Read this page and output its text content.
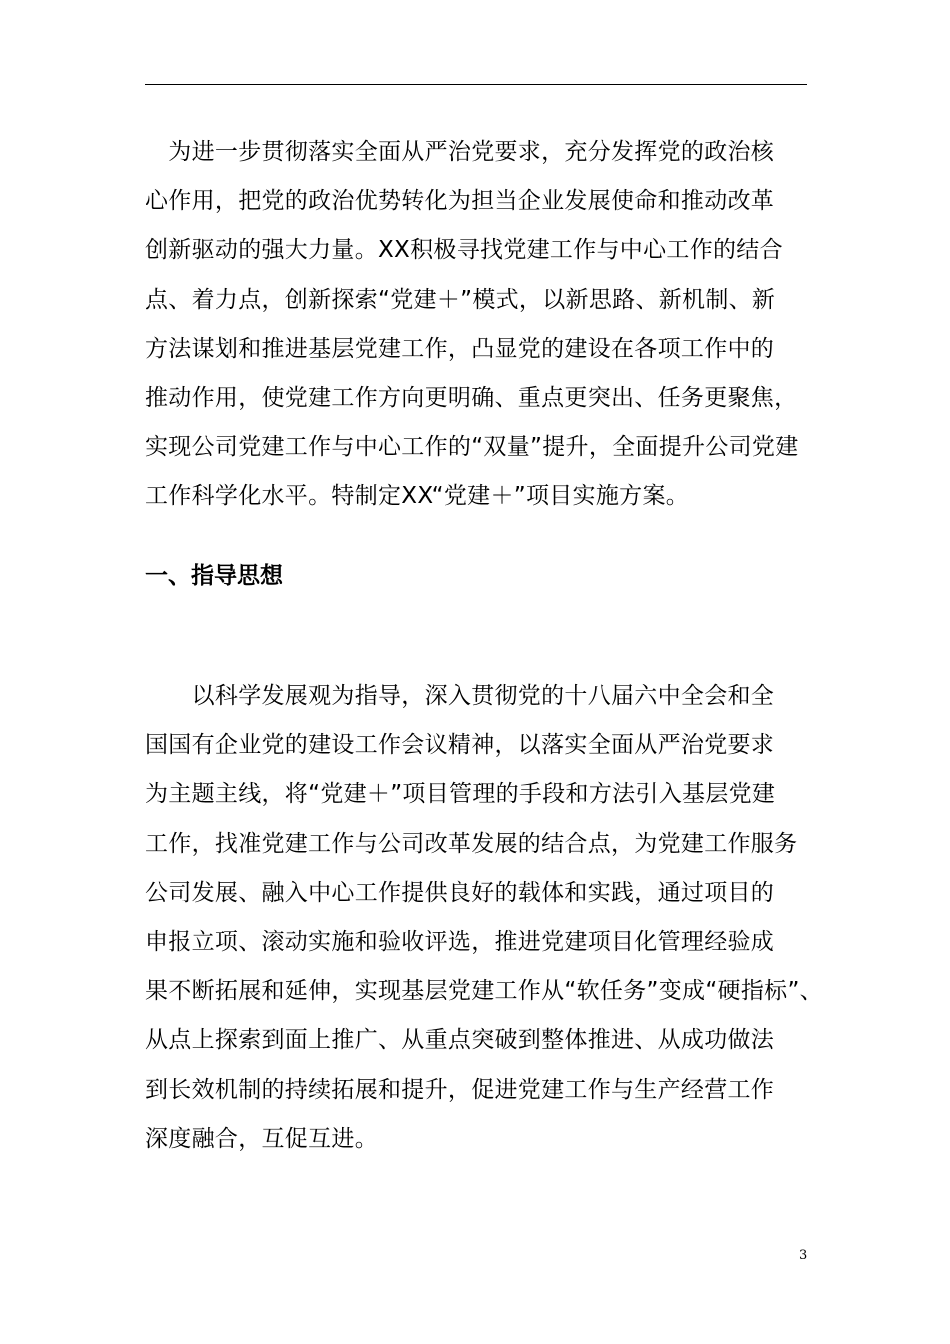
　为进一步贯彻落实全面从严治党要求，充分发挥党的政治核
心作用，把党的政治优势转化为担当企业发展使命和推动改革
创新驱动的强大力量。XX积极寻找党建工作与中心工作的结合
点、着力点，创新探索“党建＋”模式，以新思路、新机制、新
方法谋划和推进基层党建工作，凸显党的建设在各项工作中的
推动作用，使党建工作方向更明确、重点更突出、任务更聚焦，
实现公司党建工作与中心工作的“双量”提升，全面提升公司党建
工作科学化水平。特制定XX“党建＋”项目实施方案。
一、指导思想
　　以科学发展观为指导，深入贯彻党的十八届六中全会和全
国国有企业党的建设工作会议精神，以落实全面从严治党要求
为主题主线，将“党建＋”项目管理的手段和方法引入基层党建
工作，找准党建工作与公司改革发展的结合点，为党建工作服务
公司发展、融入中心工作提供良好的载体和实践，通过项目的
申报立项、滚动实施和验收评选，推进党建项目化管理经验成
果不断拓展和延伸，实现基层党建工作从“软任务”变成“硬指标”、
从点上探索到面上推广、从重点突破到整体推进、从成功做法
到长效机制的持续拓展和提升，促进党建工作与生产经营工作
深度融合，互促互进。
3
